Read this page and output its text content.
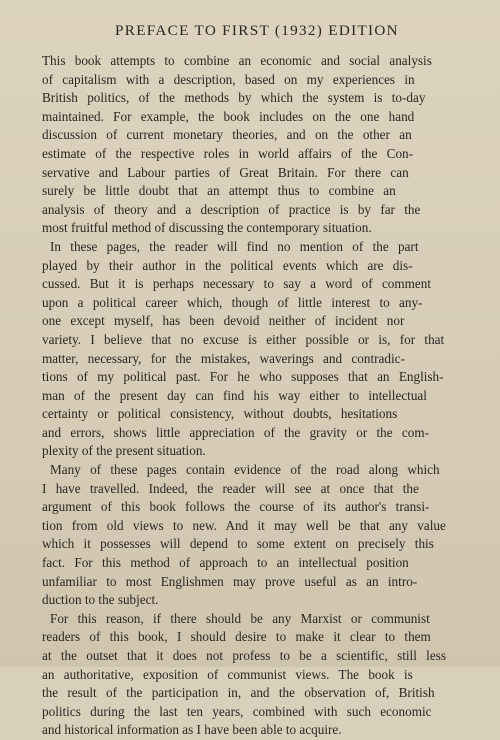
PREFACE TO FIRST (1932) EDITION
This book attempts to combine an economic and social analysis
of capitalism with a description, based on my experiences in
British politics, of the methods by which the system is to-day
maintained. For example, the book includes on the one hand
discussion of current monetary theories, and on the other an
estimate of the respective roles in world affairs of the Con-
servative and Labour parties of Great Britain. For there can
surely be little doubt that an attempt thus to combine an
analysis of theory and a description of practice is by far the
most fruitful method of discussing the contemporary situation.
In these pages, the reader will find no mention of the part
played by their author in the political events which are dis-
cussed. But it is perhaps necessary to say a word of comment
upon a political career which, though of little interest to any-
one except myself, has been devoid neither of incident nor
variety. I believe that no excuse is either possible or is, for that
matter, necessary, for the mistakes, waverings and contradic-
tions of my political past. For he who supposes that an English-
man of the present day can find his way either to intellectual
certainty or political consistency, without doubts, hesitations
and errors, shows little appreciation of the gravity or the com-
plexity of the present situation.
Many of these pages contain evidence of the road along which
I have travelled. Indeed, the reader will see at once that the
argument of this book follows the course of its author's transi-
tion from old views to new. And it may well be that any value
which it possesses will depend to some extent on precisely this
fact. For this method of approach to an intellectual position
unfamiliar to most Englishmen may prove useful as an intro-
duction to the subject.
For this reason, if there should be any Marxist or communist
readers of this book, I should desire to make it clear to them
at the outset that it does not profess to be a scientific, still less
an authoritative, exposition of communist views. The book is
the result of the participation in, and the observation of, British
politics during the last ten years, combined with such economic
and historical information as I have been able to acquire.
